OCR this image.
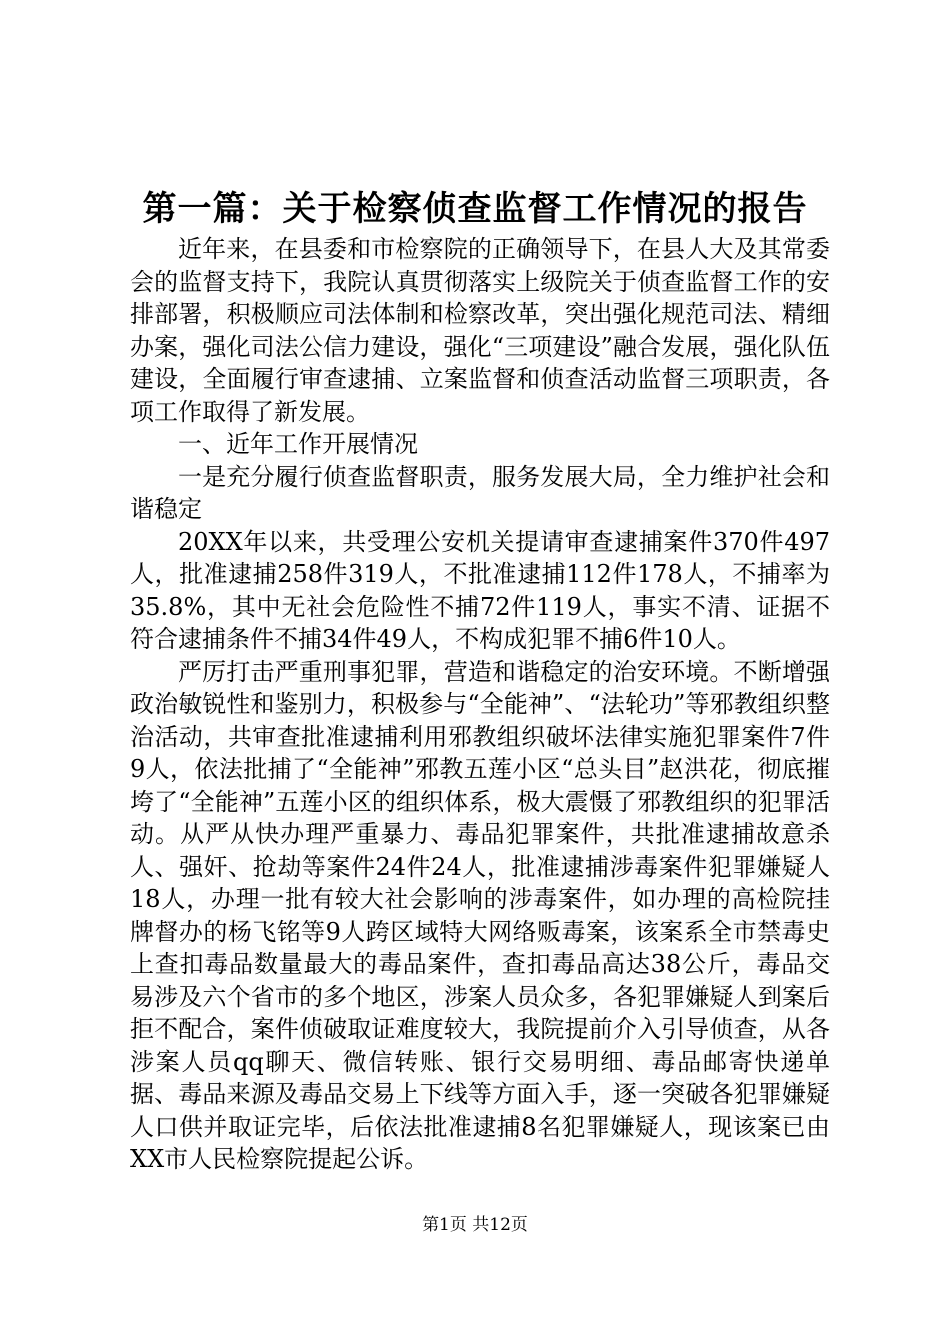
第一篇：关于检察侦查监督工作情况的报告

近年来，在县委和市检察院的正确领导下，在县人大及其常委会的监督支持下，我院认真贯彻落实上级院关于侦查监督工作的安排部署，积极顺应司法体制和检察改革，突出强化规范司法、精细办案，强化司法公信力建设，强化“三项建设”融合发展，强化队伍建设，全面履行审查逮捕、立案监督和侦查活动监督三项职责，各项工作取得了新发展。

一、近年工作开展情况

一是充分履行侦查监督职责，服务发展大局，全力维护社会和谐稳定

20XX年以来，共受理公安机关提请审查逮捕案件370件497人，批准逮捕258件319人，不批准逮捕112件178人，不捕率为35.8%，其中无社会危险性不捕72件119人，事实不清、证据不符合逮捕条件不捕34件49人，不构成犯罪不捕6件10人。

严厉打击严重刑事犯罪，营造和谐稳定的治安环境。不断增强政治敏锐性和鉴别力，积极参与“全能神”、“法轮功”等邪教组织整治活动，共审查批准逮捕利用邪教组织破坏法律实施犯罪案件7件9人，依法批捕了“全能神”邪教五莲小区“总头目”赵洪花，彻底摧垮了“全能神”五莲小区的组织体系，极大震慑了邪教组织的犯罪活动。从严从快办理严重暴力、毒品犯罪案件，共批准逮捕故意杀人、强奸、抢劫等案件24件24人，批准逮捕涉毒案件犯罪嫌疑人18人，办理一批有较大社会影响的涉毒案件，如办理的高检院挂牌督办的杨飞铭等9人跨区域特大网络贩毒案，该案系全市禁毒史上查扣毒品数量最大的毒品案件，查扣毒品高达38公斤，毒品交易涉及六个省市的多个地区，涉案人员众多，各犯罪嫌疑人到案后拒不配合，案件侦破取证难度较大，我院提前介入引导侦查，从各涉案人员qq聊天、微信转账、银行交易明细、毒品邮寄快递单据、毒品来源及毒品交易上下线等方面入手，逐一突破各犯罪嫌疑人口供并取证完毕，后依法批准逮捕8名犯罪嫌疑人，现该案已由XX市人民检察院提起公诉。

第1页 共12页
